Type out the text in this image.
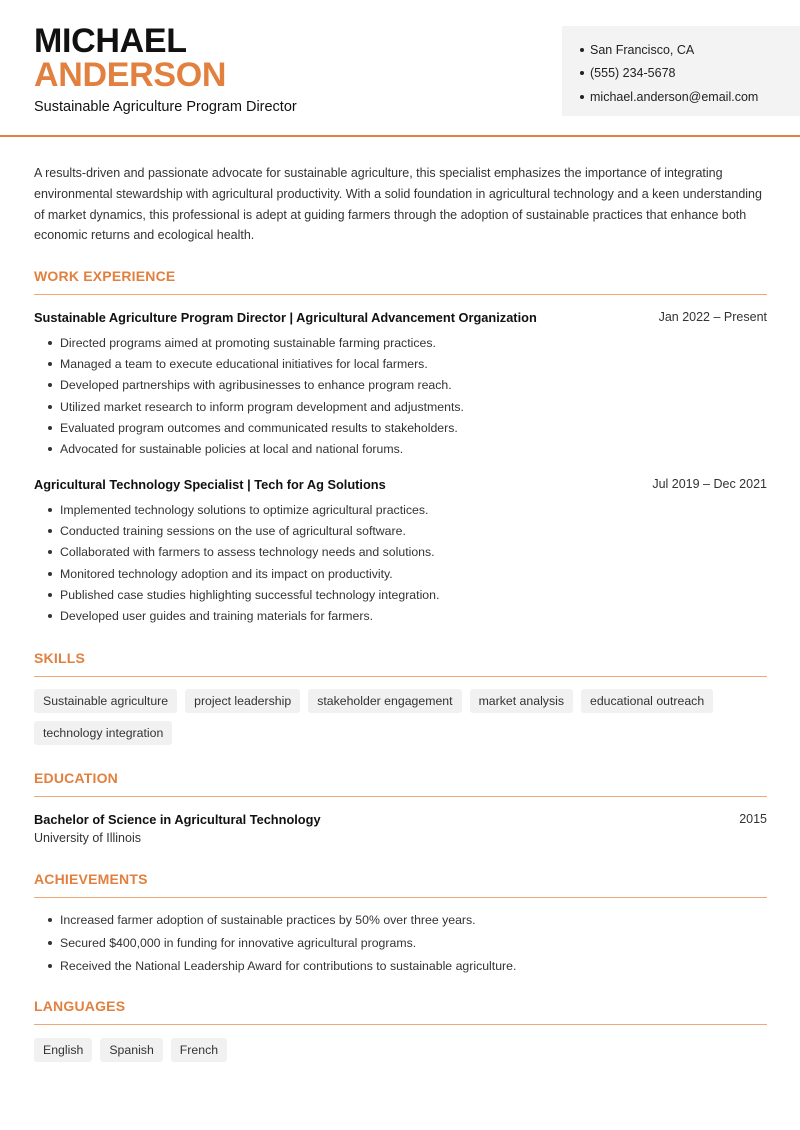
MICHAEL
ANDERSON
Sustainable Agriculture Program Director
San Francisco, CA
(555) 234-5678
michael.anderson@email.com
A results-driven and passionate advocate for sustainable agriculture, this specialist emphasizes the importance of integrating environmental stewardship with agricultural productivity. With a solid foundation in agricultural technology and a keen understanding of market dynamics, this professional is adept at guiding farmers through the adoption of sustainable practices that enhance both economic returns and ecological health.
WORK EXPERIENCE
Sustainable Agriculture Program Director | Agricultural Advancement Organization	Jan 2022 – Present
Directed programs aimed at promoting sustainable farming practices.
Managed a team to execute educational initiatives for local farmers.
Developed partnerships with agribusinesses to enhance program reach.
Utilized market research to inform program development and adjustments.
Evaluated program outcomes and communicated results to stakeholders.
Advocated for sustainable policies at local and national forums.
Agricultural Technology Specialist | Tech for Ag Solutions	Jul 2019 – Dec 2021
Implemented technology solutions to optimize agricultural practices.
Conducted training sessions on the use of agricultural software.
Collaborated with farmers to assess technology needs and solutions.
Monitored technology adoption and its impact on productivity.
Published case studies highlighting successful technology integration.
Developed user guides and training materials for farmers.
SKILLS
Sustainable agriculture	project leadership	stakeholder engagement	market analysis	educational outreach
technology integration
EDUCATION
Bachelor of Science in Agricultural Technology	2015
University of Illinois
ACHIEVEMENTS
Increased farmer adoption of sustainable practices by 50% over three years.
Secured $400,000 in funding for innovative agricultural programs.
Received the National Leadership Award for contributions to sustainable agriculture.
LANGUAGES
English	Spanish	French
